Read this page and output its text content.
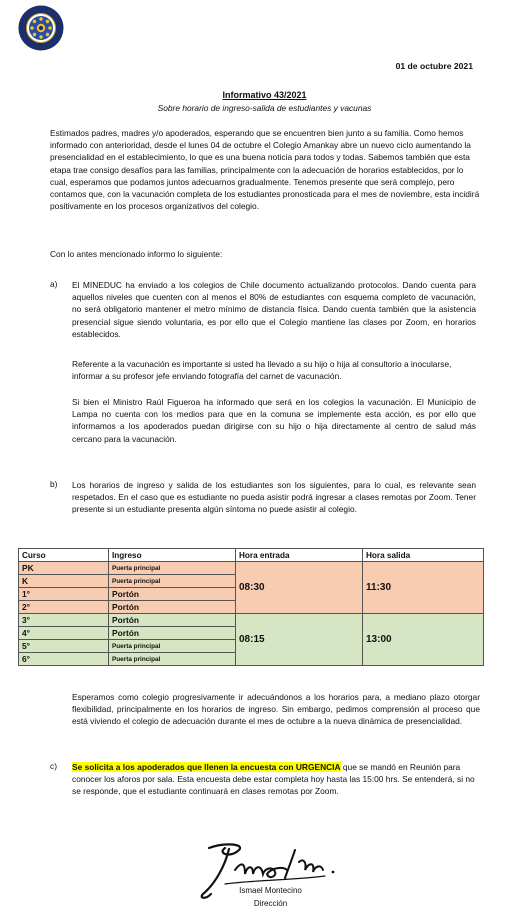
01 de octubre 2021
Informativo 43/2021
Sobre horario de ingreso-salida de estudiantes y vacunas
Estimados padres, madres y/o apoderados, esperando que se encuentren bien junto a su familia. Como hemos informado con anterioridad, desde el lunes 04 de octubre el Colegio Amankay abre un nuevo ciclo aumentando la presencialidad en el establecimiento, lo que es una buena noticia para todos y todas. Sabemos también que esta etapa trae consigo desafíos para las familias, principalmente con la adecuación de horarios establecidos, por lo cual, esperamos que podamos juntos adecuarnos gradualmente. Tenemos presente que será complejo, pero contamos que, con la vacunación completa de los estudiantes pronosticada para el mes de noviembre, esta incidirá positivamente en los procesos organizativos del colegio.
Con lo antes mencionado informo lo siguiente:
a) El MINEDUC ha enviado a los colegios de Chile documento actualizando protocolos. Dando cuenta para aquellos niveles que cuenten con al menos el 80% de estudiantes con esquema completo de vacunación, no será obligatorio mantener el metro mínimo de distancia física. Dando cuenta también que la asistencia presencial sigue siendo voluntaria, es por ello que el Colegio mantiene las clases por Zoom, en horarios establecidos.
Referente a la vacunación es importante si usted ha llevado a su hijo o hija al consultorio a inocularse, informar a su profesor jefe enviando fotografía del carnet de vacunación.
Si bien el Ministro Raúl Figueroa ha informado que será en los colegios la vacunación. El Municipio de Lampa no cuenta con los medios para que en la comuna se implemente esta acción, es por ello que informamos a los apoderados puedan dirigirse con su hijo o hija directamente al centro de salud más cercano para la vacunación.
b) Los horarios de ingreso y salida de los estudiantes son los siguientes, para lo cual, es relevante sean respetados. En el caso que es estudiante no pueda asistir podrá ingresar a clases remotas por Zoom. Tener presente si un estudiante presenta algún síntoma no puede asistir al colegio.
Curso	Ingreso	Hora entrada	Hora salida
PK	Puerta principal	08:30	11:30
K	Puerta principal		
1°	Portón		
2°	Portón		
3°	Portón	08:15	13:00
4°	Portón		
5°	Puerta principal		
6°	Puerta principal		
Esperamos como colegio progresivamente ir adecuándonos a los horarios para, a mediano plazo otorgar flexibilidad, principalmente en los horarios de ingreso. Sin embargo, pedimos comprensión al proceso que está viviendo el colegio de adecuación durante el mes de octubre a la nueva dinámica de presencialidad.
c) Se solicita a los apoderados que llenen la encuesta con URGENCIA que se mandó en Reunión para conocer los aforos por sala. Esta encuesta debe estar completa hoy hasta las 15:00 hrs. Se entenderá, si no se responde, que el estudiante continuará en clases remotas por Zoom.
Ismael Montecino
Dirección
